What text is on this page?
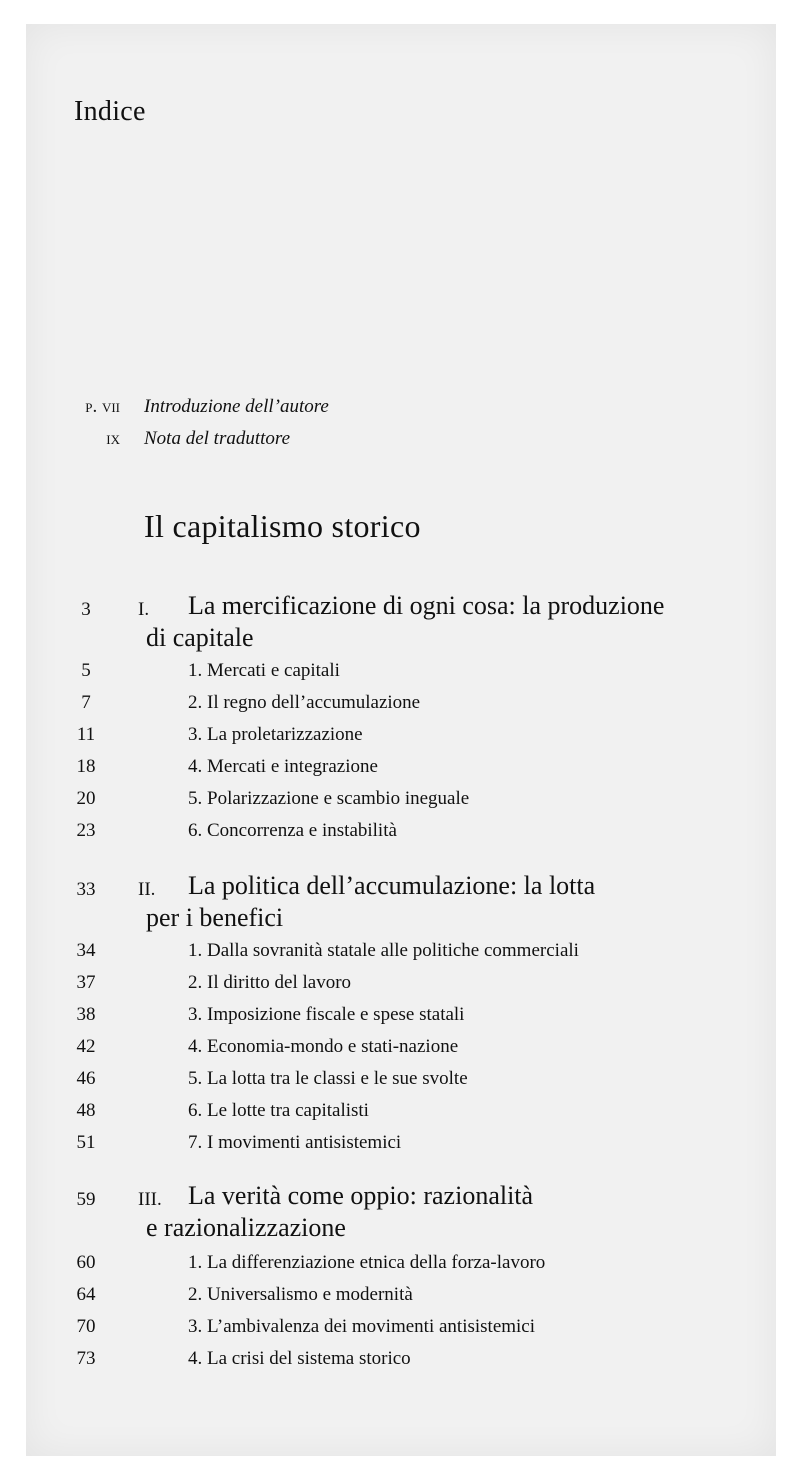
Indice
p. vii Introduzione dell’autore
ix Nota del traduttore
Il capitalismo storico
3	I. La mercificazione di ogni cosa: la produzione
di capitale
5	1. Mercati e capitali
7	2. Il regno dell’accumulazione
11	3. La proletarizzazione
18	4. Mercati e integrazione
20	5. Polarizzazione e scambio ineguale
23	6. Concorrenza e instabilità
33	II. La politica dell’accumulazione: la lotta
per i benefici
34	1. Dalla sovranità statale alle politiche commerciali
37	2. Il diritto del lavoro
38	3. Imposizione fiscale e spese statali
42	4. Economia-mondo e stati-nazione
46	5. La lotta tra le classi e le sue svolte
48	6. Le lotte tra capitalisti
51	7. I movimenti antisistemici
59	III. La verità come oppio: razionalità
e razionalizzazione
60	1. La differenziazione etnica della forza-lavoro
64	2. Universalismo e modernità
70	3. L’ambivalenza dei movimenti antisistemici
73	4. La crisi del sistema storico
